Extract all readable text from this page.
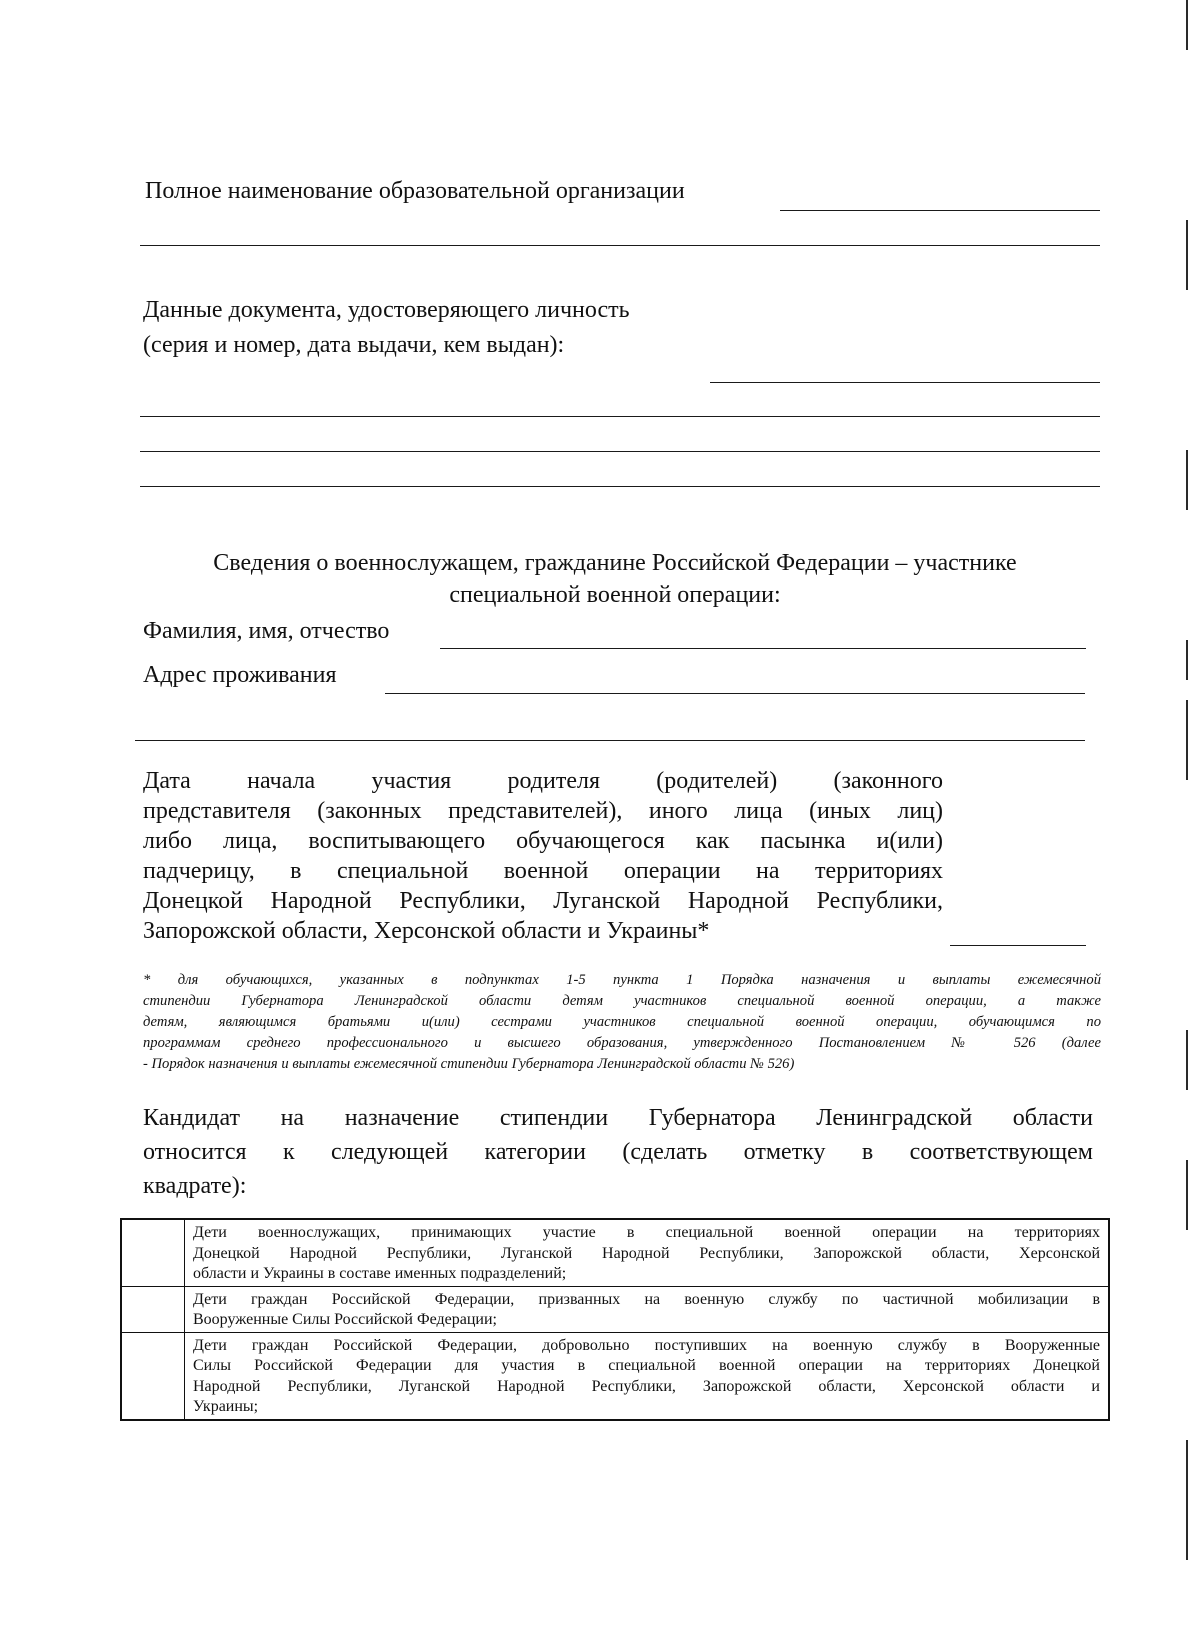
Полное наименование образовательной организации
Данные документа, удостоверяющего личность
(серия и номер, дата выдачи, кем выдан):
Сведения о военнослужащем, гражданине Российской Федерации – участнике
специальной военной операции:
Фамилия, имя, отчество
Адрес проживания
Дата начала участия родителя (родителей) (законного
представителя (законных представителей), иного лица (иных лиц)
либо лица, воспитывающего обучающегося как пасынка и(или)
падчерицу, в специальной военной операции на территориях
Донецкой Народной Республики, Луганской Народной Республики,
Запорожской области, Херсонской области и Украины*
* для обучающихся, указанных в подпунктах 1-5 пункта 1 Порядка назначения и выплаты ежемесячной
стипендии Губернатора Ленинградской области детям участников специальной военной операции, а также
детям, являющимся братьями и(или) сестрами участников специальной военной операции, обучающимся по
программам среднего профессионального и высшего образования, утвержденного Постановлением № 526 (далее
- Порядок назначения и выплаты ежемесячной стипендии Губернатора Ленинградской области № 526)
Кандидат на назначение стипендии Губернатора Ленинградской области
относится к следующей категории (сделать отметку в соответствующем
квадрате):

	Дети военнослужащих, принимающих участие в специальной военной операции на территориях
Донецкой Народной Республики, Луганской Народной Республики, Запорожской области, Херсонской
области и Украины в составе именных подразделений;

	Дети граждан Российской Федерации, призванных на военную службу по частичной мобилизации в
Вооруженные Силы Российской Федерации;

	Дети граждан Российской Федерации, добровольно поступивших на военную службу в Вооруженные
Силы Российской Федерации для участия в специальной военной операции на территориях Донецкой
Народной Республики, Луганской Народной Республики, Запорожской области, Херсонской области и
Украины;
